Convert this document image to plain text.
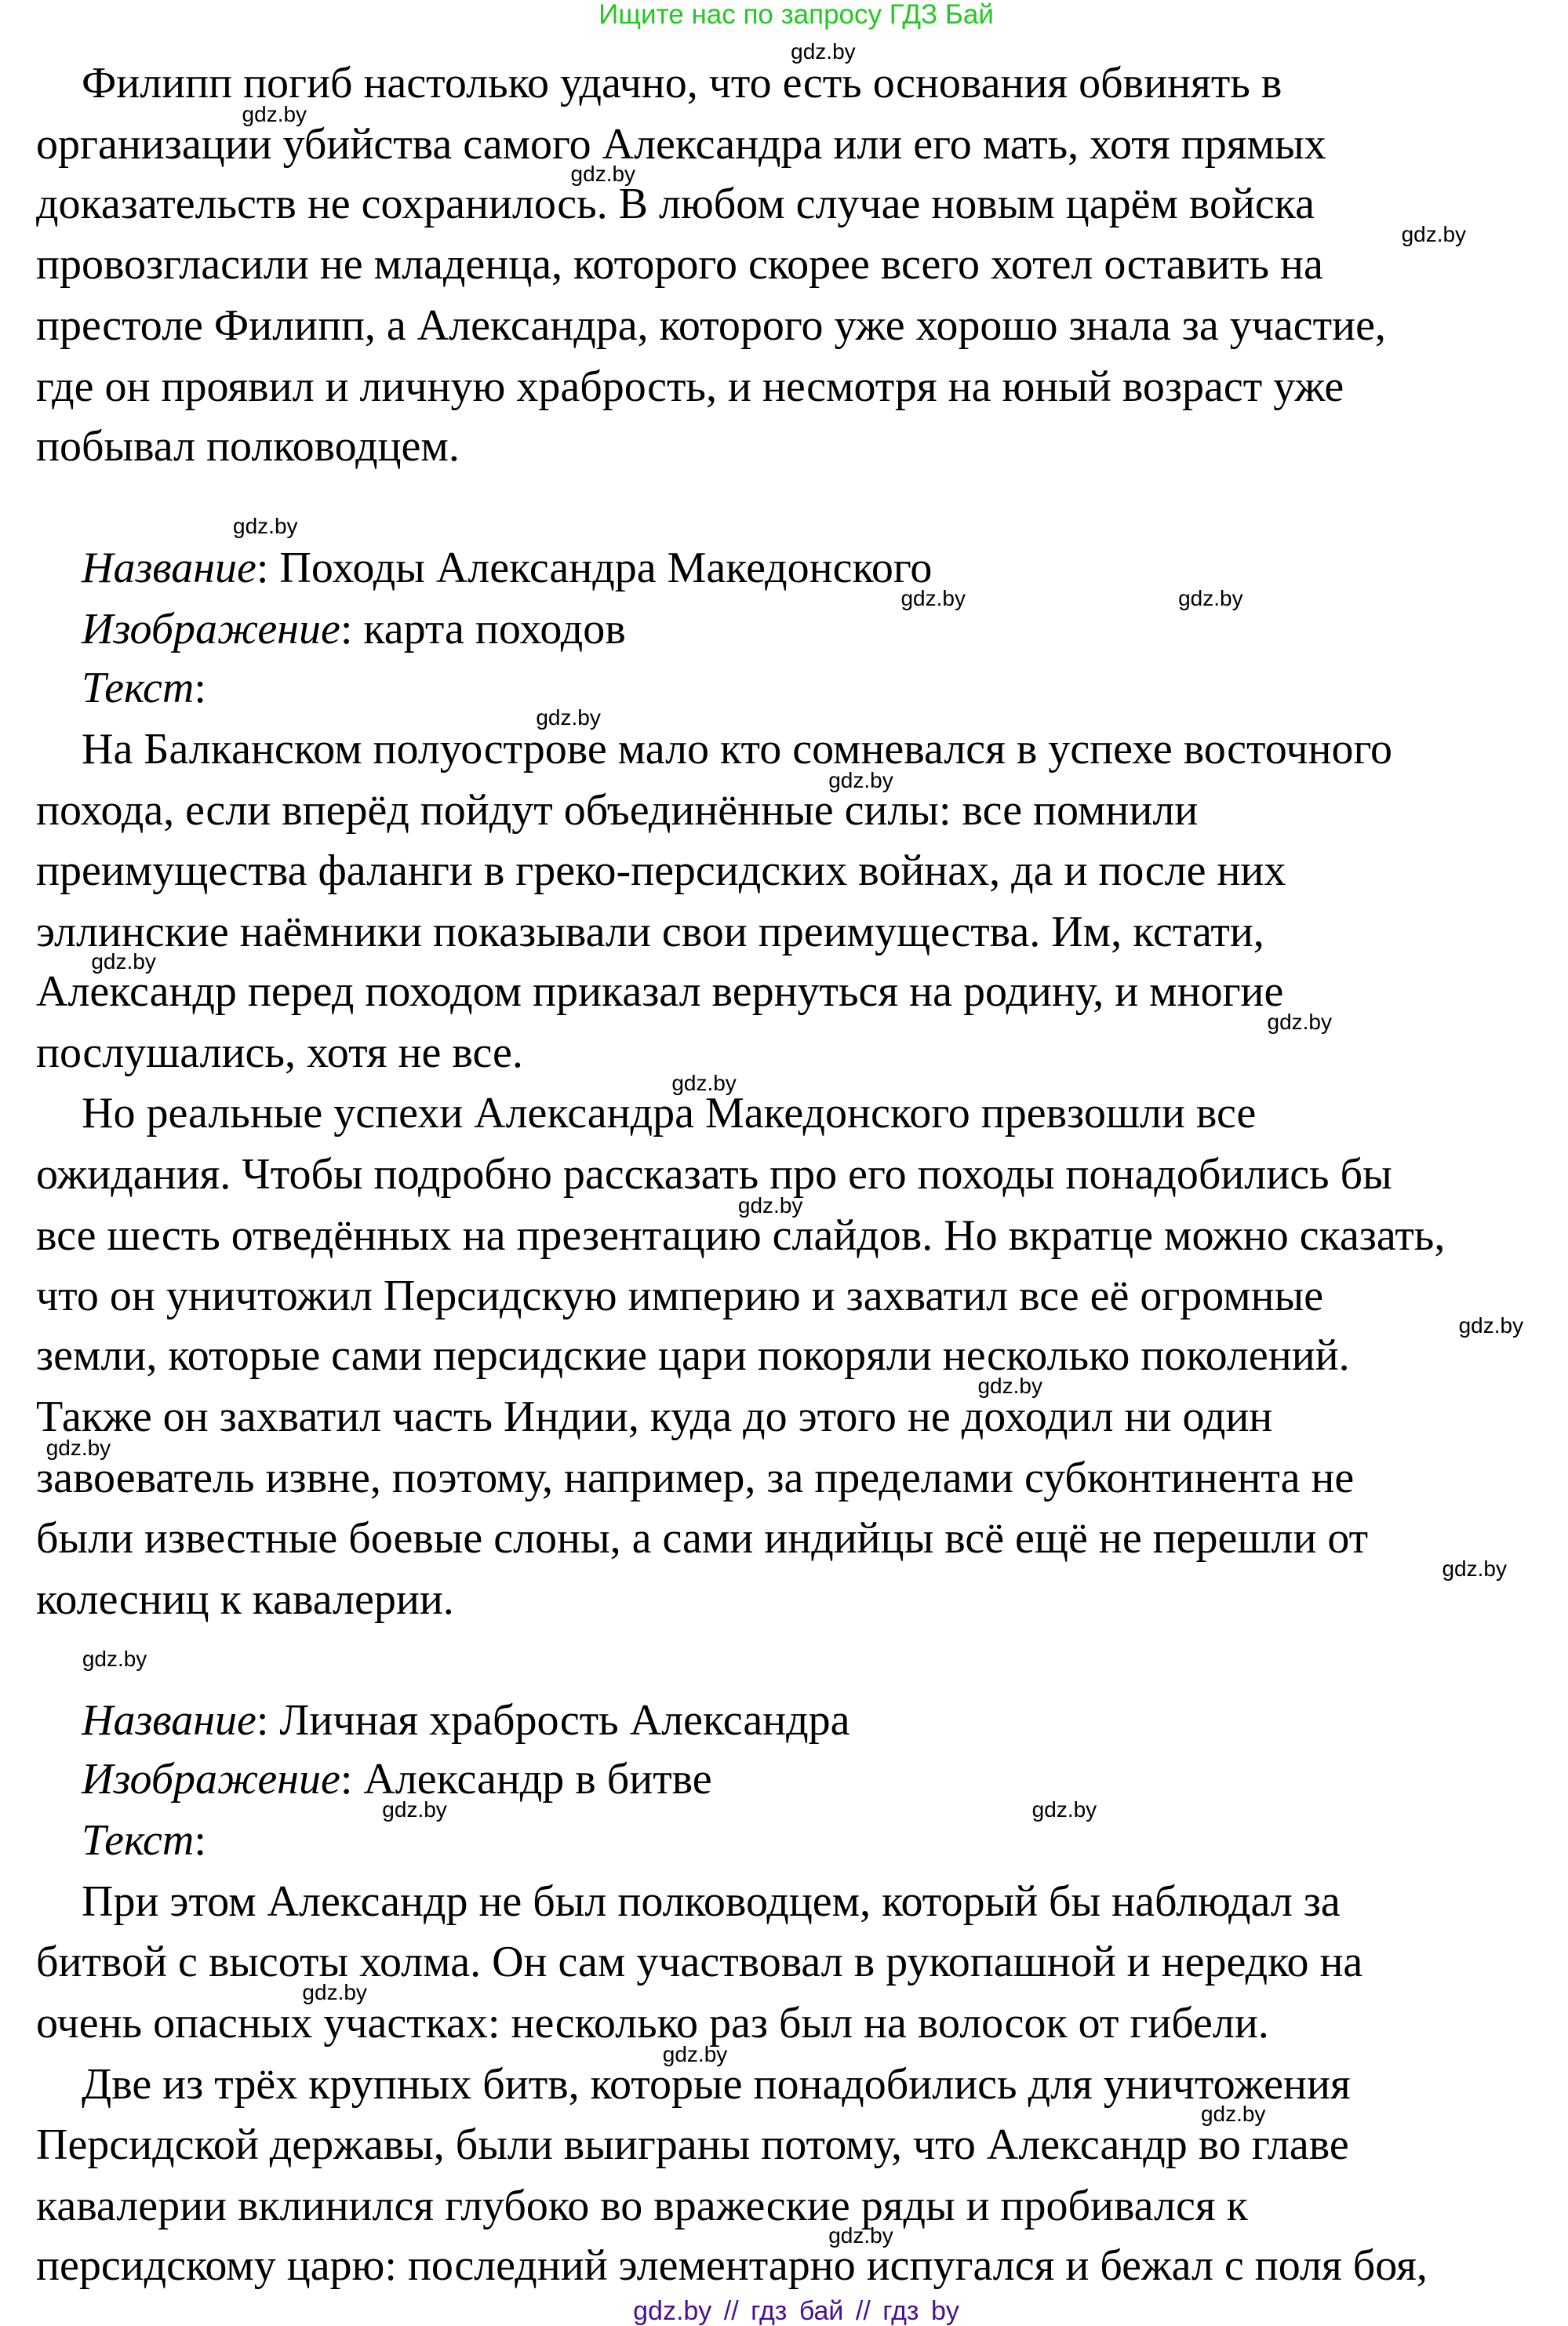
Ищите нас по запросу ГДЗ Бай
Филипп погиб настолько удачно, что есть основания обвинять в
организации убийства самого Александра или его мать, хотя прямых
доказательств не сохранилось. В любом случае новым царём войска
провозгласили не младенца, которого скорее всего хотел оставить на
престоле Филипп, а Александра, которого уже хорошо знала за участие,
где он проявил и личную храбрость, и несмотря на юный возраст уже
побывал полководцем.
Название: Походы Александра Македонского
Изображение: карта походов
Текст:
На Балканском полуострове мало кто сомневался в успехе восточного
похода, если вперёд пойдут объединённые силы: все помнили
преимущества фаланги в греко-персидских войнах, да и после них
эллинские наёмники показывали свои преимущества. Им, кстати,
Александр перед походом приказал вернуться на родину, и многие
послушались, хотя не все.
Но реальные успехи Александра Македонского превзошли все
ожидания. Чтобы подробно рассказать про его походы понадобились бы
все шесть отведённых на презентацию слайдов. Но вкратце можно сказать,
что он уничтожил Персидскую империю и захватил все её огромные
земли, которые сами персидские цари покоряли несколько поколений.
Также он захватил часть Индии, куда до этого не доходил ни один
завоеватель извне, поэтому, например, за пределами субконтинента не
были известные боевые слоны, а сами индийцы всё ещё не перешли от
колесниц к кавалерии.
Название: Личная храбрость Александра
Изображение: Александр в битве
Текст:
При этом Александр не был полководцем, который бы наблюдал за
битвой с высоты холма. Он сам участвовал в рукопашной и нередко на
очень опасных участках: несколько раз был на волосок от гибели.
Две из трёх крупных битв, которые понадобились для уничтожения
Персидской державы, были выиграны потому, что Александр во главе
кавалерии вклинился глубоко во вражеские ряды и пробивался к
персидскому царю: последний элементарно испугался и бежал с поля боя,
gdz.by
gdz.by
gdz.by
gdz.by
gdz.by
gdz.by
gdz.by
gdz.by
gdz.by
gdz.by
gdz.by
gdz.by
gdz.by
gdz.by
gdz.by
gdz.by
gdz.by
gdz.by
gdz.by
gdz.by
gdz.by
gdz.by
gdz.by
gdz.by
gdz.by // гдз бай // гдз by
